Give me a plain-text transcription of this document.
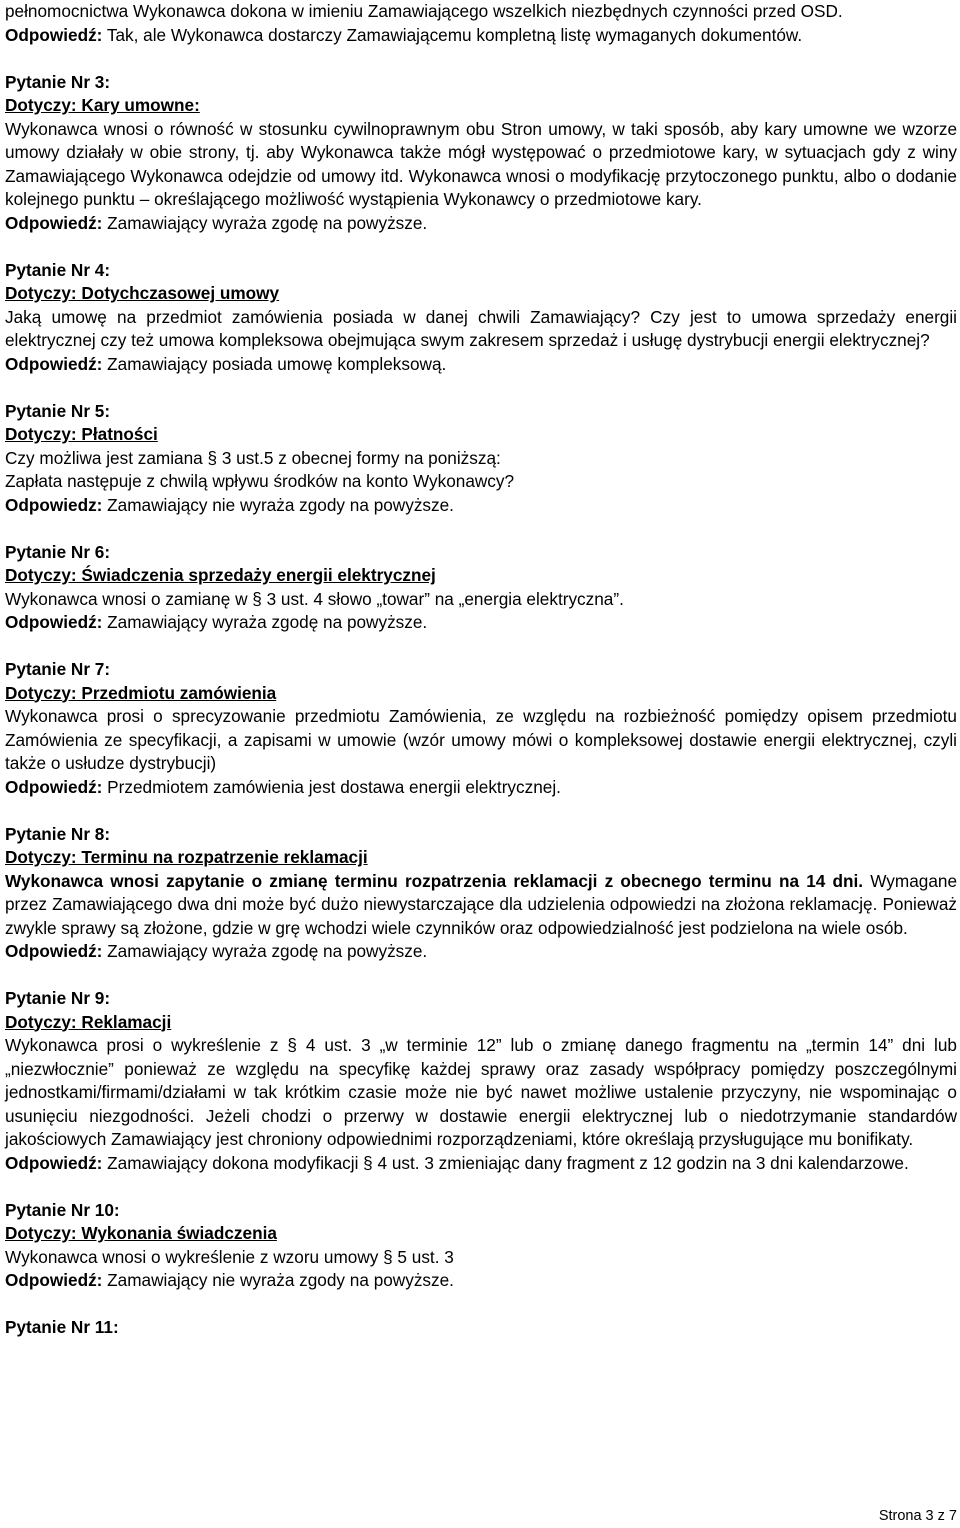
pełnomocnictwa Wykonawca dokona w imieniu Zamawiającego wszelkich niezbędnych czynności przed OSD.

Odpowiedź: Tak, ale Wykonawca dostarczy Zamawiającemu kompletną listę wymaganych dokumentów.

Pytanie Nr 3:

Dotyczy: Kary umowne:

Wykonawca wnosi o równość w stosunku cywilnoprawnym obu Stron umowy, w taki sposób, aby kary umowne we wzorze umowy działały w obie strony, tj. aby Wykonawca także mógł występować o przedmiotowe kary, w sytuacjach gdy z winy Zamawiającego Wykonawca odejdzie od umowy itd. Wykonawca wnosi o modyfikację przytoczonego punktu, albo o dodanie kolejnego punktu – określającego możliwość wystąpienia Wykonawcy o przedmiotowe kary.

Odpowiedź: Zamawiający wyraża zgodę na powyższe.

Pytanie Nr 4:

Dotyczy: Dotychczasowej umowy

Jaką umowę na przedmiot zamówienia posiada w danej chwili Zamawiający? Czy jest to umowa sprzedaży energii elektrycznej czy też umowa kompleksowa obejmująca swym zakresem sprzedaż i usługę dystrybucji energii elektrycznej?

Odpowiedź: Zamawiający posiada umowę kompleksową.

Pytanie Nr 5:

Dotyczy: Płatności

Czy możliwa jest zamiana § 3 ust.5 z obecnej formy na poniższą:

Zapłata następuje z chwilą wpływu środków na konto Wykonawcy?

Odpowiedz: Zamawiający nie wyraża zgody na powyższe.

Pytanie Nr 6:

Dotyczy: Świadczenia sprzedaży energii elektrycznej

Wykonawca wnosi o zamianę w § 3 ust. 4 słowo „towar” na „energia elektryczna”.

Odpowiedź: Zamawiający wyraża zgodę na powyższe.

Pytanie Nr 7:

Dotyczy: Przedmiotu zamówienia

Wykonawca prosi o sprecyzowanie przedmiotu Zamówienia, ze względu na rozbieżność pomiędzy opisem przedmiotu Zamówienia ze specyfikacji, a zapisami w umowie (wzór umowy mówi o kompleksowej dostawie energii elektrycznej, czyli także o usłudze dystrybucji)

Odpowiedź: Przedmiotem zamówienia jest dostawa energii elektrycznej.

Pytanie Nr 8:

Dotyczy: Terminu na rozpatrzenie reklamacji

Wykonawca wnosi zapytanie o zmianę terminu rozpatrzenia reklamacji z obecnego terminu na 14 dni. Wymagane przez Zamawiającego dwa dni może być dużo niewystarczające dla udzielenia odpowiedzi na złożona reklamację. Ponieważ zwykle sprawy są złożone, gdzie w grę wchodzi wiele czynników oraz odpowiedzialność jest podzielona na wiele osób.

Odpowiedź: Zamawiający wyraża zgodę na powyższe.

Pytanie Nr 9:

Dotyczy: Reklamacji

Wykonawca prosi o wykreślenie z § 4 ust. 3 „w terminie 12” lub o zmianę danego fragmentu na „termin 14” dni lub „niezwłocznie” ponieważ ze względu na specyfikę każdej sprawy oraz zasady współpracy pomiędzy poszczególnymi jednostkami/firmami/działami w tak krótkim czasie może nie być nawet możliwe ustalenie przyczyny, nie wspominając o usunięciu niezgodności. Jeżeli chodzi o przerwy w dostawie energii elektrycznej lub o niedotrzymanie standardów jakościowych Zamawiający jest chroniony odpowiednimi rozporządzeniami, które określają przysługujące mu bonifikaty.

Odpowiedź: Zamawiający dokona modyfikacji § 4 ust. 3 zmieniając dany fragment z 12 godzin na 3 dni kalendarzowe.

Pytanie Nr 10:

Dotyczy: Wykonania świadczenia

Wykonawca wnosi o wykreślenie z wzoru umowy § 5 ust. 3

Odpowiedź: Zamawiający nie wyraża zgody na powyższe.

Pytanie Nr 11:

Strona 3 z 7
